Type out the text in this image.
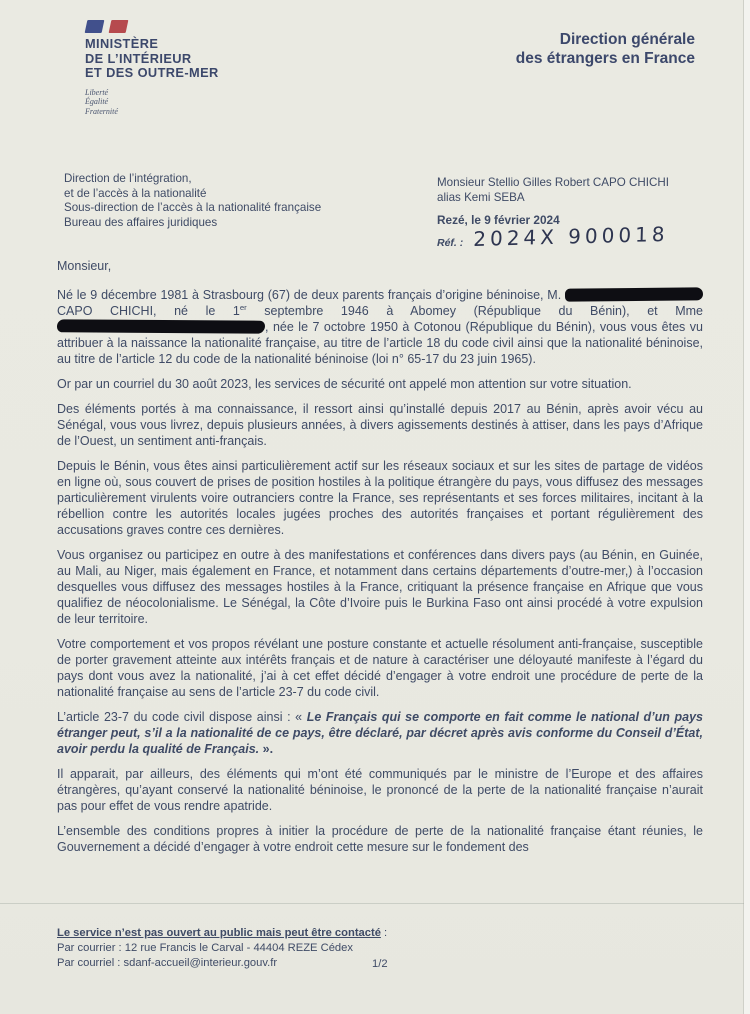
MINISTÈRE
DE L’INTÉRIEUR
ET DES OUTRE-MER
Liberté
Égalité
Fraternité
Direction générale
des étrangers en France
Direction de l’intégration,
et de l’accès à la nationalité
Sous-direction de l’accès à la nationalité française
Bureau des affaires juridiques
Monsieur Stellio Gilles Robert CAPO CHICHI
alias Kemi SEBA
Rezé, le 9 février 2024
Réf. : 2024X 900018

Monsieur,

Né le 9 décembre 1981 à Strasbourg (67) de deux parents français d’origine béninoise, M.  CAPO CHICHI, né le 1er septembre 1946 à Abomey (République du Bénin), et Mme , née le 7 octobre 1950 à Cotonou (République du Bénin), vous vous êtes vu attribuer à la naissance la nationalité française, au titre de l’article 18 du code civil ainsi que la nationalité béninoise, au titre de l’article 12 du code de la nationalité béninoise (loi n° 65-17 du 23 juin 1965).

Or par un courriel du 30 août 2023, les services de sécurité ont appelé mon attention sur votre situation.

Des éléments portés à ma connaissance, il ressort ainsi qu’installé depuis 2017 au Bénin, après avoir vécu au Sénégal, vous vous livrez, depuis plusieurs années, à divers agissements destinés à attiser, dans les pays d’Afrique de l’Ouest, un sentiment anti-français.

Depuis le Bénin, vous êtes ainsi particulièrement actif sur les réseaux sociaux et sur les sites de partage de vidéos en ligne où, sous couvert de prises de position hostiles à la politique étrangère du pays, vous diffusez des messages particulièrement virulents voire outranciers contre la France, ses représentants et ses forces militaires, incitant à la rébellion contre les autorités locales jugées proches des autorités françaises et portant régulièrement des accusations graves contre ces dernières.

Vous organisez ou participez en outre à des manifestations et conférences dans divers pays (au Bénin, en Guinée, au Mali, au Niger, mais également en France, et notamment dans certains départements d’outre-mer,) à l’occasion desquelles vous diffusez des messages hostiles à la France, critiquant la présence française en Afrique que vous qualifiez de néocolonialisme. Le Sénégal, la Côte d’Ivoire puis le Burkina Faso ont ainsi procédé à votre expulsion de leur territoire.

Votre comportement et vos propos révélant une posture constante et actuelle résolument anti-française, susceptible de porter gravement atteinte aux intérêts français et de nature à caractériser une déloyauté manifeste à l’égard du pays dont vous avez la nationalité, j’ai à cet effet décidé d’engager à votre endroit une procédure de perte de la nationalité française au sens de l’article 23-7 du code civil.

L’article 23-7 du code civil dispose ainsi : « Le Français qui se comporte en fait comme le national d’un pays étranger peut, s’il a la nationalité de ce pays, être déclaré, par décret après avis conforme du Conseil d’État, avoir perdu la qualité de Français. ».

Il apparait, par ailleurs, des éléments qui m’ont été communiqués par le ministre de l’Europe et des affaires étrangères, qu’ayant conservé la nationalité béninoise, le prononcé de la perte de la nationalité française n’aurait pas pour effet de vous rendre apatride.

L’ensemble des conditions propres à initier la procédure de perte de la nationalité française étant réunies, le Gouvernement a décidé d’engager à votre endroit cette mesure sur le fondement des

Le service n’est pas ouvert au public mais peut être contacté :
Par courrier : 12 rue Francis le Carval - 44404 REZE Cédex
Par courriel : sdanf-accueil@interieur.gouv.fr	1/2
